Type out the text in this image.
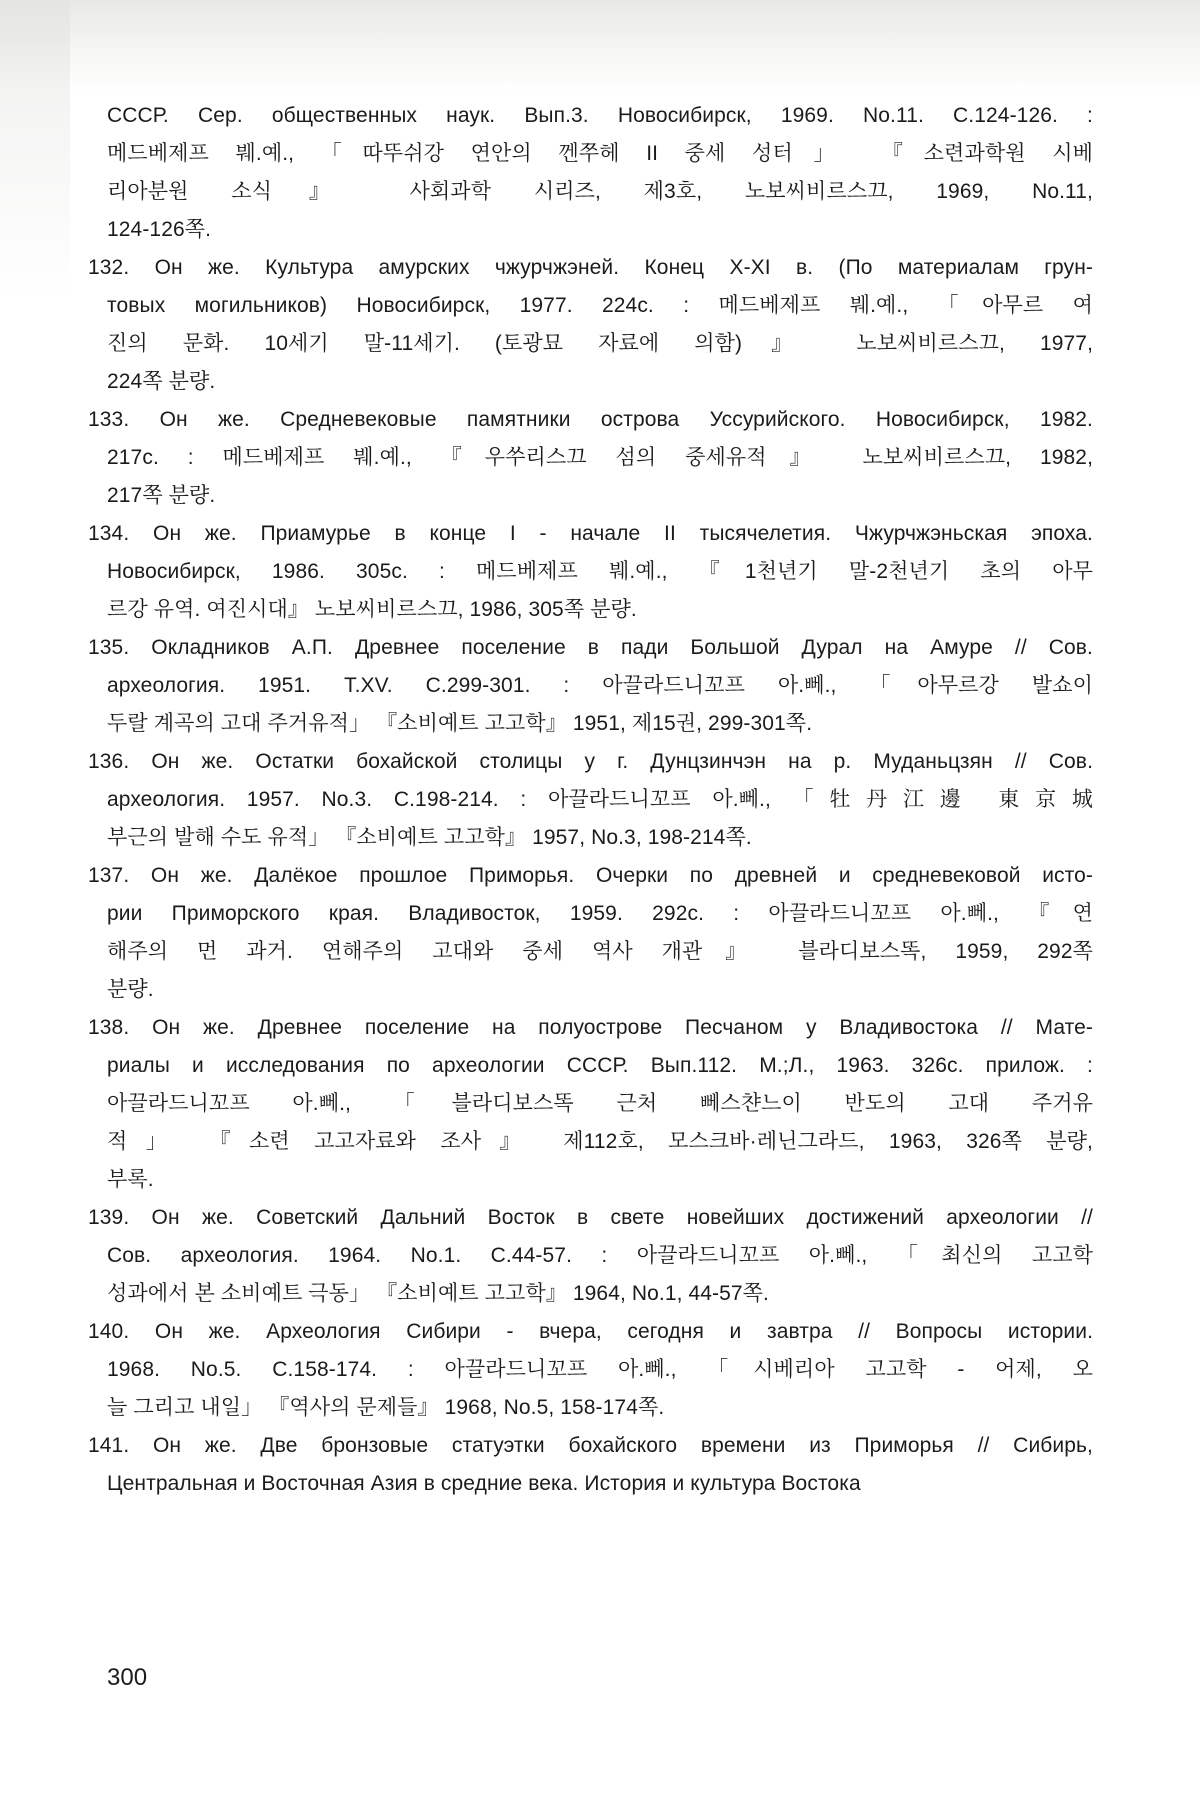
СССР. Сер. общественных наук. Вып.3. Новосибирск, 1969. No.11. С.124-126. :
메드베제프 붸.예., 「따뚜쉬강 연안의 껜쭈헤 II 중세 성터」 『소련과학원 시베
리아분원 소식』 사회과학 시리즈, 제3호, 노보씨비르스끄, 1969, No.11,
124-126쪽.
132. Он же. Культура амурских чжурчжэней. Конец X-XI в. (По материалам грун-
товых могильников) Новосибирск, 1977. 224с. : 메드베제프 붸.예., 「아무르 여
진의 문화. 10세기 말-11세기. (토광묘 자료에 의함)』 노보씨비르스끄, 1977,
224쪽 분량.
133. Он же. Средневековые памятники острова Уссурийского. Новосибирск, 1982.
217с. : 메드베제프 붸.예., 『우쑤리스끄 섬의 중세유적』 노보씨비르스끄, 1982,
217쪽 분량.
134. Он же. Приамурье в конце I - начале II тысячелетия. Чжурчжэньская эпоха.
Новосибирск, 1986. 305с. : 메드베제프 붸.예., 『1천년기 말-2천년기 초의 아무
르강 유역. 여진시대』 노보씨비르스끄, 1986, 305쪽 분량.
135. Окладников А.П. Древнее поселение в пади Большой Дурал на Амуре // Сов.
археология. 1951. Т.XV. С.299-301. : 아끌라드니꼬프 아.뻬., 「아무르강 발쇼이
두랄 계곡의 고대 주거유적」 『소비예트 고고학』 1951, 제15권, 299-301쪽.
136. Он же. Остатки бохайской столицы у г. Дунцзинчэн на р. Муданьцзян // Сов.
археология. 1957. No.3. С.198-214. : 아끌라드니꼬프 아.뻬., 「牡丹江邊 東京城
부근의 발해 수도 유적」 『소비예트 고고학』 1957, No.3, 198-214쪽.
137. Он же. Далёкое прошлое Приморья. Очерки по древней и средневековой исто-
рии Приморского края. Владивосток, 1959. 292с. : 아끌라드니꼬프 아.뻬., 『연
해주의 먼 과거. 연해주의 고대와 중세 역사 개관』 블라디보스똑, 1959, 292쪽
분량.
138. Он же. Древнее поселение на полуострове Песчаном у Владивостока // Мате-
риалы и исследования по археологии СССР. Вып.112. М.;Л., 1963. 326с. прилож. :
아끌라드니꼬프 아.뻬., 「블라디보스똑 근처 뻬스챤느이 반도의 고대 주거유
적」 『소련 고고자료와 조사』 제112호, 모스크바·레닌그라드, 1963, 326쪽 분량,
부록.
139. Он же. Советский Дальний Восток в свете новейших достижений археологии //
Сов. археология. 1964. No.1. С.44-57. : 아끌라드니꼬프 아.뻬., 「최신의 고고학
성과에서 본 소비예트 극동」 『소비예트 고고학』 1964, No.1, 44-57쪽.
140. Он же. Археология Сибири - вчера, сегодня и завтра // Вопросы истории.
1968. No.5. С.158-174. : 아끌라드니꼬프 아.뻬., 「시베리아 고고학 - 어제, 오
늘 그리고 내일」 『역사의 문제들』 1968, No.5, 158-174쪽.
141. Он же. Две бронзовые статуэтки бохайского времени из Приморья // Сибирь,
Центральная и Восточная Азия в средние века. История и культура Востока
300
